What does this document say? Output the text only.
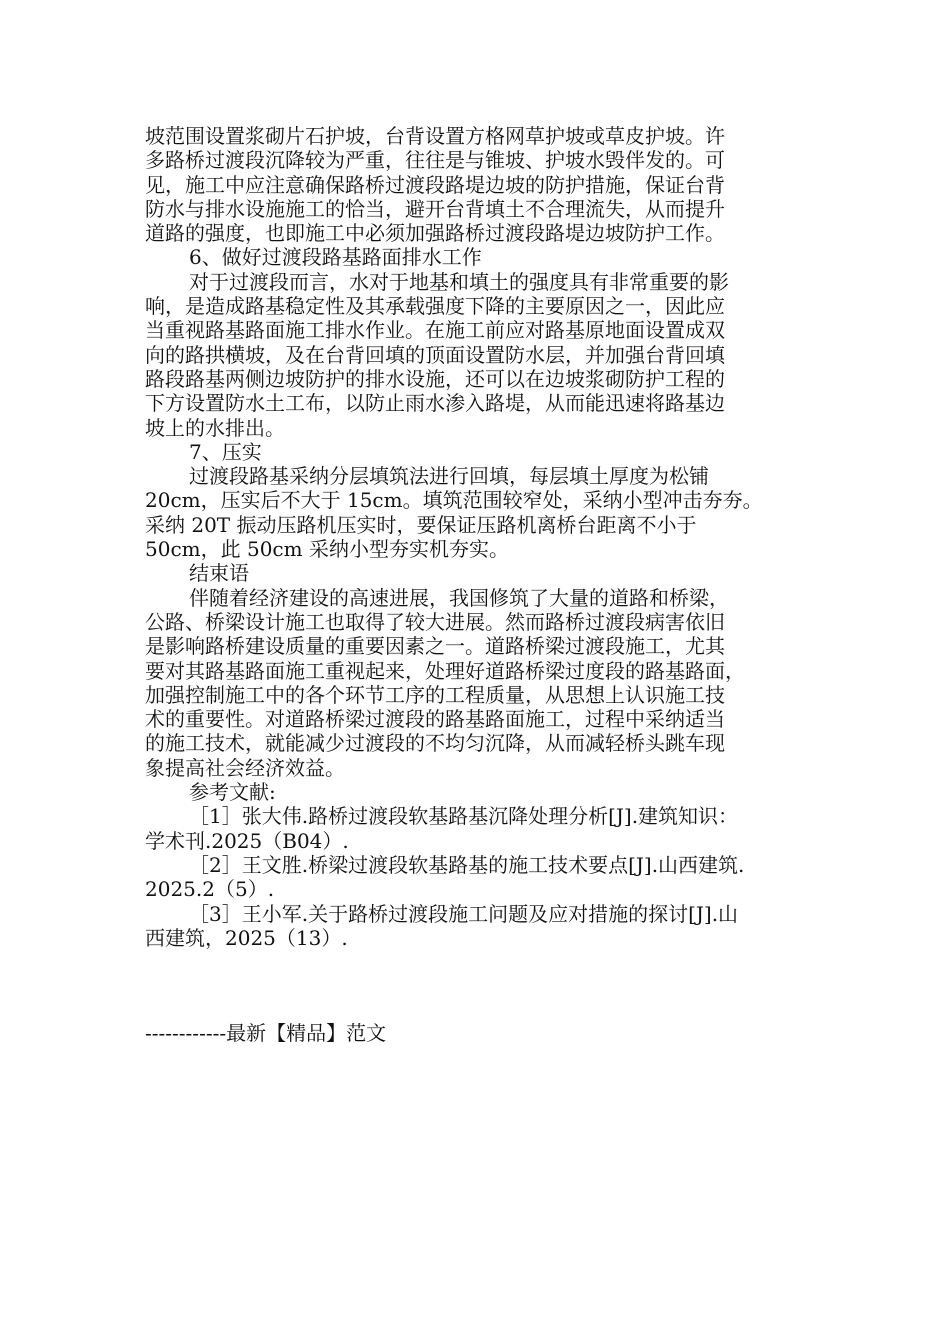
坡范围设置浆砌片石护坡，台背设置方格网草护坡或草皮护坡。许
多路桥过渡段沉降较为严重，往往是与锥坡、护坡水毁伴发的。可
见，施工中应注意确保路桥过渡段路堤边坡的防护措施，保证台背
防水与排水设施施工的恰当，避开台背填土不合理流失，从而提升
道路的强度，也即施工中必须加强路桥过渡段路堤边坡防护工作。
6、做好过渡段路基路面排水工作
对于过渡段而言，水对于地基和填土的强度具有非常重要的影
响，是造成路基稳定性及其承载强度下降的主要原因之一，因此应
当重视路基路面施工排水作业。在施工前应对路基原地面设置成双
向的路拱横坡，及在台背回填的顶面设置防水层，并加强台背回填
路段路基两侧边坡防护的排水设施，还可以在边坡浆砌防护工程的
下方设置防水土工布，以防止雨水渗入路堤，从而能迅速将路基边
坡上的水排出。
7、压实
过渡段路基采纳分层填筑法进行回填，每层填土厚度为松铺
20cm，压实后不大于 15cm。填筑范围较窄处，采纳小型冲击夯夯。
采纳 20T 振动压路机压实时，要保证压路机离桥台距离不小于
50cm，此 50cm 采纳小型夯实机夯实。
结束语
伴随着经济建设的高速进展，我国修筑了大量的道路和桥梁，
公路、桥梁设计施工也取得了较大进展。然而路桥过渡段病害依旧
是影响路桥建设质量的重要因素之一。道路桥梁过渡段施工，尤其
要对其路基路面施工重视起来，处理好道路桥梁过度段的路基路面，
加强控制施工中的各个环节工序的工程质量，从思想上认识施工技
术的重要性。对道路桥梁过渡段的路基路面施工，过程中采纳适当
的施工技术，就能减少过渡段的不均匀沉降，从而减轻桥头跳车现
象提高社会经济效益。
参考文献:
［1］张大伟.路桥过渡段软基路基沉降处理分析[J].建筑知识：
学术刊.2025（B04）.
［2］王文胜.桥梁过渡段软基路基的施工技术要点[J].山西建筑.
2025.2（5）.
［3］王小军.关于路桥过渡段施工问题及应对措施的探讨[J].山
西建筑，2025（13）.
------------最新【精品】范文
